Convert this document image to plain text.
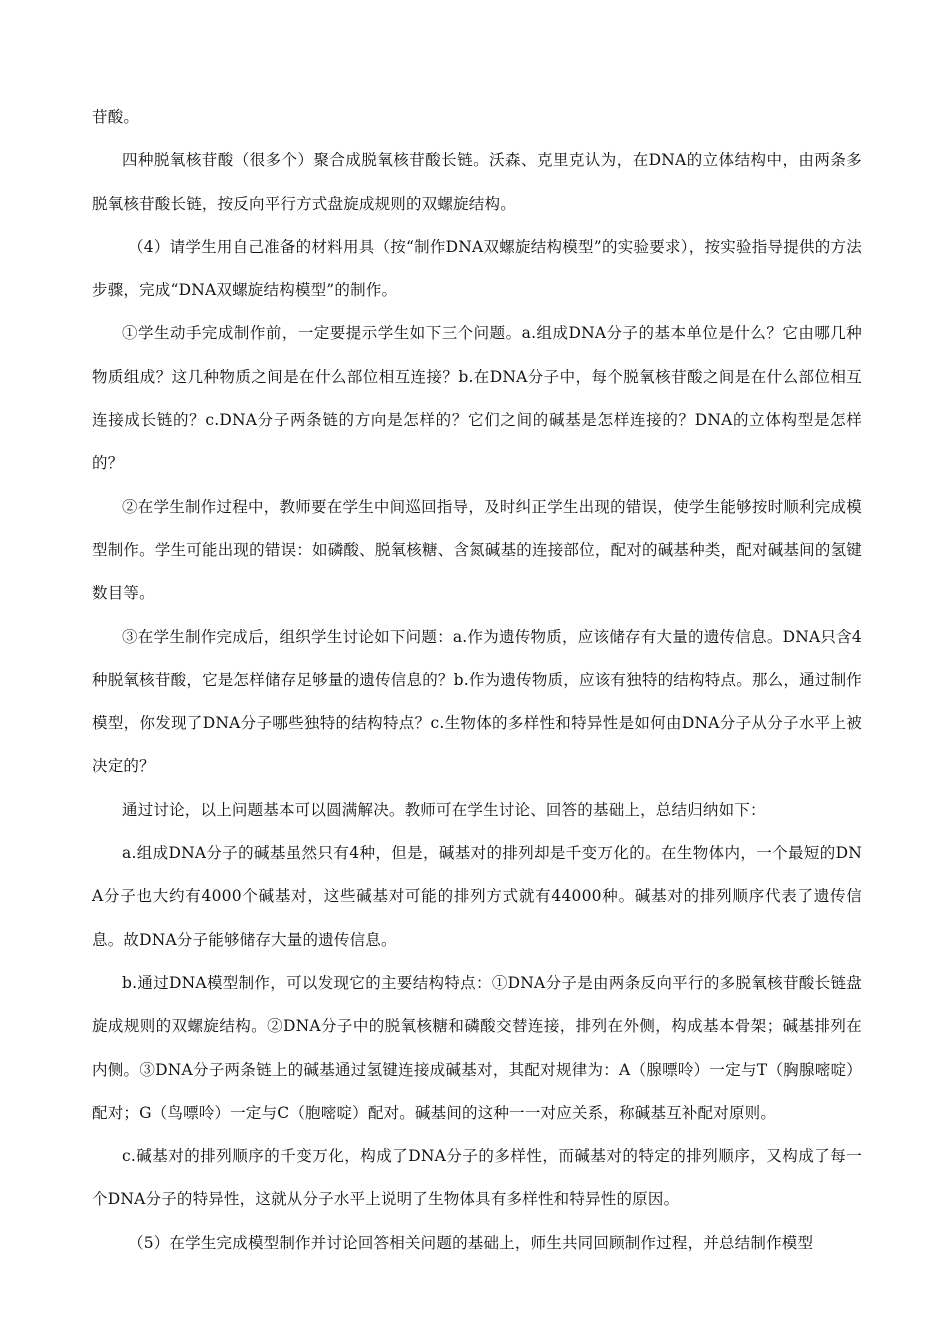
苷酸。

四种脱氧核苷酸（很多个）聚合成脱氧核苷酸长链。沃森、克里克认为，在DNA的立体结构中，由两条多脱氧核苷酸长链，按反向平行方式盘旋成规则的双螺旋结构。

（4）请学生用自己准备的材料用具（按“制作DNA双螺旋结构模型”的实验要求），按实验指导提供的方法步骤，完成“DNA双螺旋结构模型”的制作。

①学生动手完成制作前，一定要提示学生如下三个问题。a.组成DNA分子的基本单位是什么？它由哪几种物质组成？这几种物质之间是在什么部位相互连接？b.在DNA分子中，每个脱氧核苷酸之间是在什么部位相互连接成长链的？c.DNA分子两条链的方向是怎样的？它们之间的碱基是怎样连接的？DNA的立体构型是怎样的？

②在学生制作过程中，教师要在学生中间巡回指导，及时纠正学生出现的错误，使学生能够按时顺利完成模型制作。学生可能出现的错误：如磷酸、脱氧核糖、含氮碱基的连接部位，配对的碱基种类，配对碱基间的氢键数目等。

③在学生制作完成后，组织学生讨论如下问题：a.作为遗传物质，应该储存有大量的遗传信息。DNA只含4种脱氧核苷酸，它是怎样储存足够量的遗传信息的？b.作为遗传物质，应该有独特的结构特点。那么，通过制作模型，你发现了DNA分子哪些独特的结构特点？c.生物体的多样性和特异性是如何由DNA分子从分子水平上被决定的？

通过讨论，以上问题基本可以圆满解决。教师可在学生讨论、回答的基础上，总结归纳如下：

a.组成DNA分子的碱基虽然只有4种，但是，碱基对的排列却是千变万化的。在生物体内，一个最短的DNA分子也大约有4000个碱基对，这些碱基对可能的排列方式就有44000种。碱基对的排列顺序代表了遗传信息。故DNA分子能够储存大量的遗传信息。

b.通过DNA模型制作，可以发现它的主要结构特点：①DNA分子是由两条反向平行的多脱氧核苷酸长链盘旋成规则的双螺旋结构。②DNA分子中的脱氧核糖和磷酸交替连接，排列在外侧，构成基本骨架；碱基排列在内侧。③DNA分子两条链上的碱基通过氢键连接成碱基对，其配对规律为：A（腺嘌呤）一定与T（胸腺嘧啶）配对；G（鸟嘌呤）一定与C（胞嘧啶）配对。碱基间的这种一一对应关系，称碱基互补配对原则。

c.碱基对的排列顺序的千变万化，构成了DNA分子的多样性，而碱基对的特定的排列顺序，又构成了每一个DNA分子的特异性，这就从分子水平上说明了生物体具有多样性和特异性的原因。

（5）在学生完成模型制作并讨论回答相关问题的基础上，师生共同回顾制作过程，并总结制作模型
